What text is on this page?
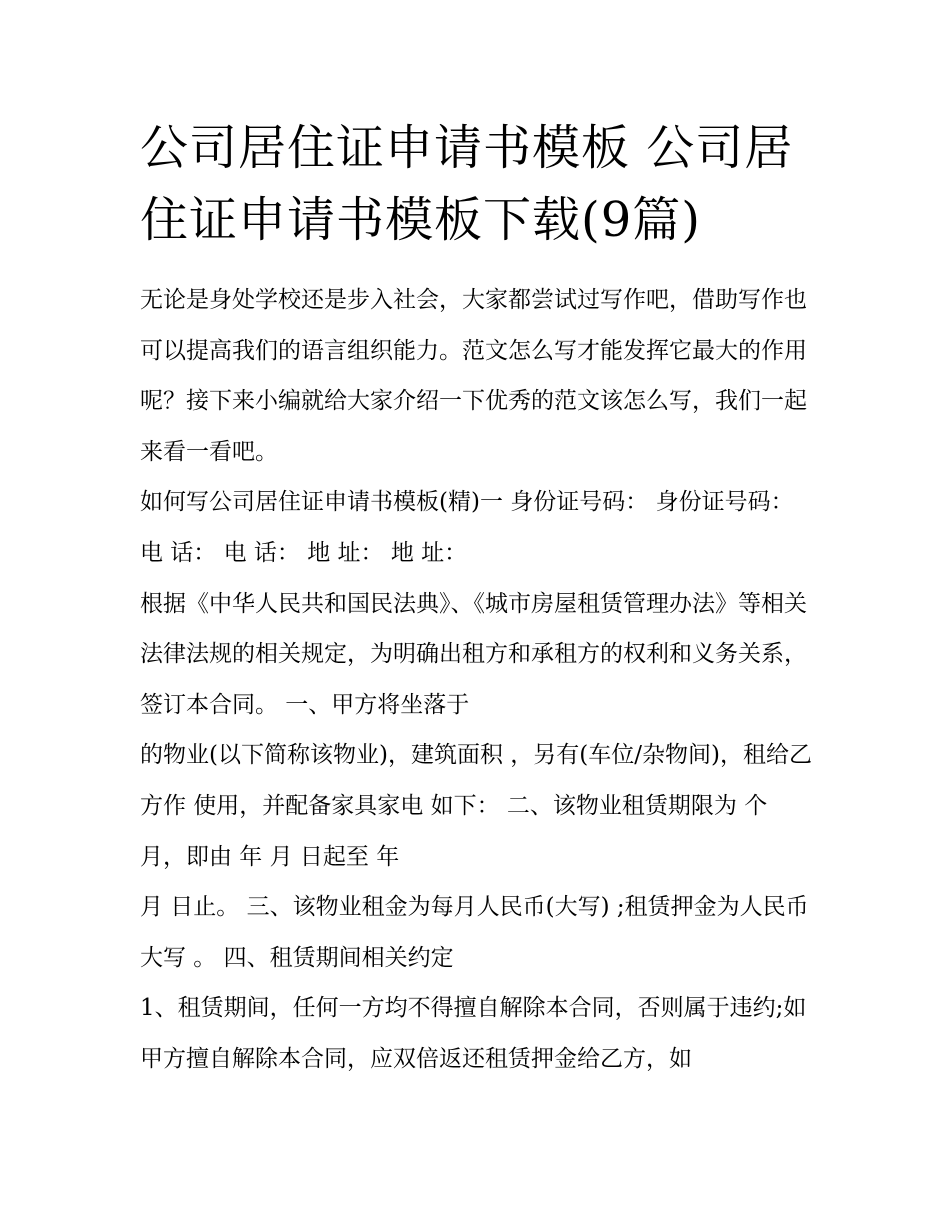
公司居住证申请书模板 公司居住证申请书模板下载(9篇)

无论是身处学校还是步入社会，大家都尝试过写作吧，借助写作也可以提高我们的语言组织能力。范文怎么写才能发挥它最大的作用呢？接下来小编就给大家介绍一下优秀的范文该怎么写，我们一起来看一看吧。

如何写公司居住证申请书模板(精)一 身份证号码： 身份证号码： 电 话： 电 话： 地 址： 地 址：

根据《中华人民共和国民法典》、《城市房屋租赁管理办法》等相关法律法规的相关规定，为明确出租方和承租方的权利和义务关系，签订本合同。 一、甲方将坐落于

的物业(以下简称该物业)，建筑面积 ，另有(车位/杂物间)，租给乙方作 使用，并配备家具家电 如下： 二、该物业租赁期限为 个月，即由 年 月 日起至 年

月 日止。 三、该物业租金为每月人民币(大写) ;租赁押金为人民币大写 。 四、租赁期间相关约定

1、租赁期间，任何一方均不得擅自解除本合同，否则属于违约;如甲方擅自解除本合同，应双倍返还租赁押金给乙方，如
